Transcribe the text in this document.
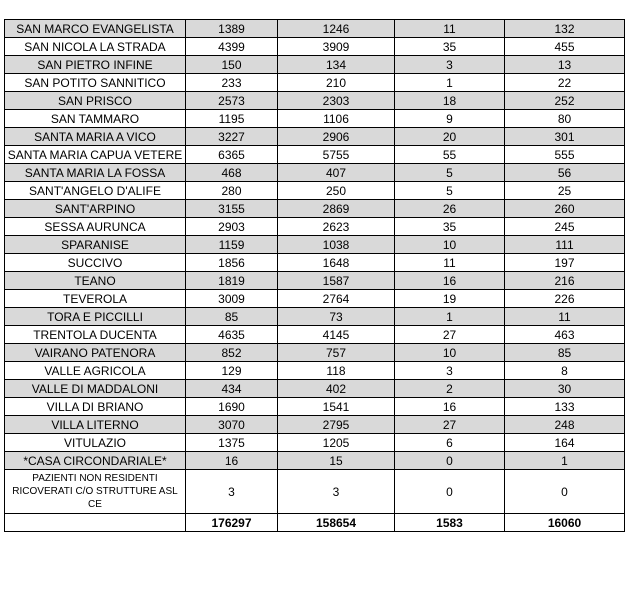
SAN MARCO EVANGELISTA	1389	1246	11	132
SAN NICOLA LA STRADA	4399	3909	35	455
SAN PIETRO INFINE	150	134	3	13
SAN POTITO SANNITICO	233	210	1	22
SAN PRISCO	2573	2303	18	252
SAN TAMMARO	1195	1106	9	80
SANTA MARIA A VICO	3227	2906	20	301
SANTA MARIA CAPUA VETERE	6365	5755	55	555
SANTA MARIA LA FOSSA	468	407	5	56
SANT'ANGELO D'ALIFE	280	250	5	25
SANT'ARPINO	3155	2869	26	260
SESSA AURUNCA	2903	2623	35	245
SPARANISE	1159	1038	10	111
SUCCIVO	1856	1648	11	197
TEANO	1819	1587	16	216
TEVEROLA	3009	2764	19	226
TORA E PICCILLI	85	73	1	11
TRENTOLA DUCENTA	4635	4145	27	463
VAIRANO PATENORA	852	757	10	85
VALLE AGRICOLA	129	118	3	8
VALLE DI MADDALONI	434	402	2	30
VILLA DI BRIANO	1690	1541	16	133
VILLA LITERNO	3070	2795	27	248
VITULAZIO	1375	1205	6	164
*CASA CIRCONDARIALE*	16	15	0	1
PAZIENTI NON RESIDENTI RICOVERATI C/O STRUTTURE ASL CE	3	3	0	0
	176297	158654	1583	16060
